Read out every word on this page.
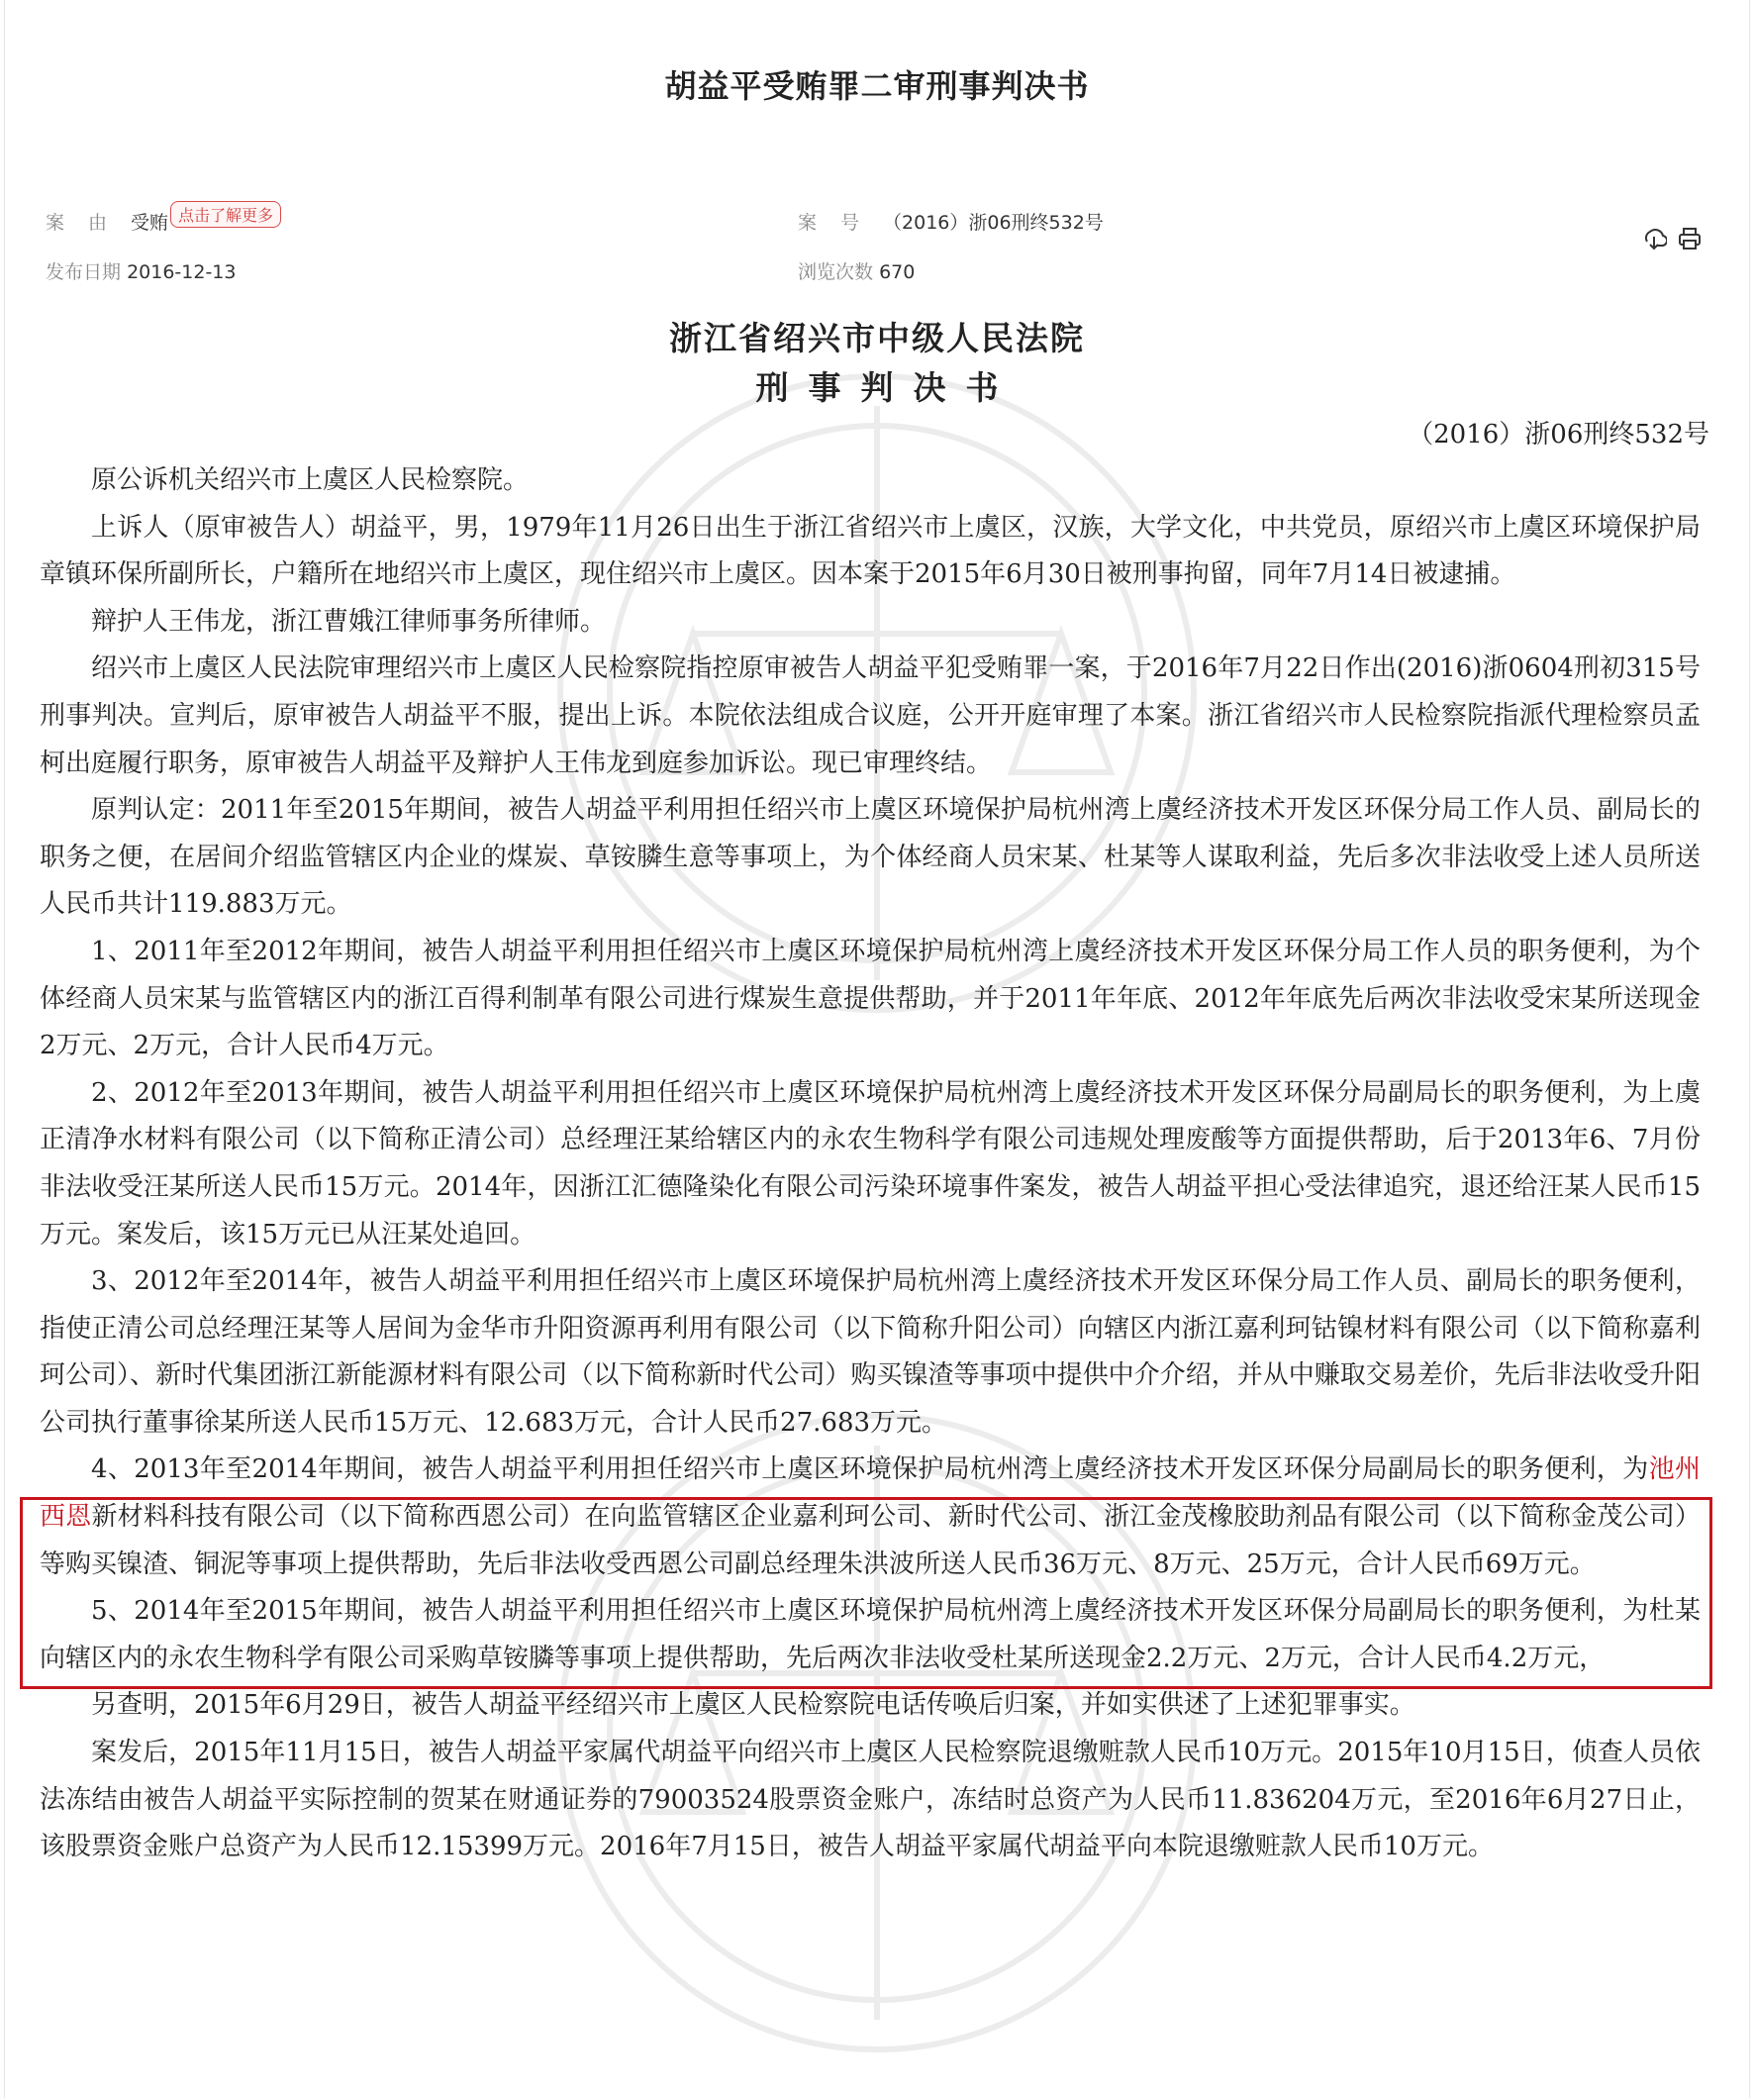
胡益平受贿罪二审刑事判决书
案由受贿 点击了解更多	案号（2016）浙06刑终532号
发布日期 2016-12-13	浏览次数 670
浙江省绍兴市中级人民法院
刑事判决书
（2016）浙06刑终532号

原公诉机关绍兴市上虞区人民检察院。

上诉人（原审被告人）胡益平，男，1979年11月26日出生于浙江省绍兴市上虞区，汉族，大学文化，中共党员，原绍兴市上虞区环境保护局章镇环保所副所长，户籍所在地绍兴市上虞区，现住绍兴市上虞区。因本案于2015年6月30日被刑事拘留，同年7月14日被逮捕。

辩护人王伟龙，浙江曹娥江律师事务所律师。

绍兴市上虞区人民法院审理绍兴市上虞区人民检察院指控原审被告人胡益平犯受贿罪一案，于2016年7月22日作出(2016)浙0604刑初315号刑事判决。宣判后，原审被告人胡益平不服，提出上诉。本院依法组成合议庭，公开开庭审理了本案。浙江省绍兴市人民检察院指派代理检察员孟柯出庭履行职务，原审被告人胡益平及辩护人王伟龙到庭参加诉讼。现已审理终结。

原判认定：2011年至2015年期间，被告人胡益平利用担任绍兴市上虞区环境保护局杭州湾上虞经济技术开发区环保分局工作人员、副局长的职务之便，在居间介绍监管辖区内企业的煤炭、草铵膦生意等事项上，为个体经商人员宋某、杜某等人谋取利益，先后多次非法收受上述人员所送人民币共计119.883万元。

1、2011年至2012年期间，被告人胡益平利用担任绍兴市上虞区环境保护局杭州湾上虞经济技术开发区环保分局工作人员的职务便利，为个体经商人员宋某与监管辖区内的浙江百得利制革有限公司进行煤炭生意提供帮助，并于2011年年底、2012年年底先后两次非法收受宋某所送现金2万元、2万元，合计人民币4万元。

2、2012年至2013年期间，被告人胡益平利用担任绍兴市上虞区环境保护局杭州湾上虞经济技术开发区环保分局副局长的职务便利，为上虞正清净水材料有限公司（以下简称正清公司）总经理汪某给辖区内的永农生物科学有限公司违规处理废酸等方面提供帮助，后于2013年6、7月份非法收受汪某所送人民币15万元。2014年，因浙江汇德隆染化有限公司污染环境事件案发，被告人胡益平担心受法律追究，退还给汪某人民币15万元。案发后，该15万元已从汪某处追回。

3、2012年至2014年，被告人胡益平利用担任绍兴市上虞区环境保护局杭州湾上虞经济技术开发区环保分局工作人员、副局长的职务便利，指使正清公司总经理汪某等人居间为金华市升阳资源再利用有限公司（以下简称升阳公司）向辖区内浙江嘉利珂钴镍材料有限公司（以下简称嘉利珂公司）、新时代集团浙江新能源材料有限公司（以下简称新时代公司）购买镍渣等事项中提供中介介绍，并从中赚取交易差价，先后非法收受升阳公司执行董事徐某所送人民币15万元、12.683万元，合计人民币27.683万元。

4、2013年至2014年期间，被告人胡益平利用担任绍兴市上虞区环境保护局杭州湾上虞经济技术开发区环保分局副局长的职务便利，为池州西恩新材料科技有限公司（以下简称西恩公司）在向监管辖区企业嘉利珂公司、新时代公司、浙江金茂橡胶助剂品有限公司（以下简称金茂公司）等购买镍渣、铜泥等事项上提供帮助，先后非法收受西恩公司副总经理朱洪波所送人民币36万元、8万元、25万元，合计人民币69万元。

5、2014年至2015年期间，被告人胡益平利用担任绍兴市上虞区环境保护局杭州湾上虞经济技术开发区环保分局副局长的职务便利，为杜某向辖区内的永农生物科学有限公司采购草铵膦等事项上提供帮助，先后两次非法收受杜某所送现金2.2万元、2万元，合计人民币4.2万元，

另查明，2015年6月29日，被告人胡益平经绍兴市上虞区人民检察院电话传唤后归案，并如实供述了上述犯罪事实。

案发后，2015年11月15日，被告人胡益平家属代胡益平向绍兴市上虞区人民检察院退缴赃款人民币10万元。2015年10月15日，侦查人员依法冻结由被告人胡益平实际控制的贺某在财通证券的79003524股票资金账户，冻结时总资产为人民币11.836204万元，至2016年6月27日止，该股票资金账户总资产为人民币12.15399万元。2016年7月15日，被告人胡益平家属代胡益平向本院退缴赃款人民币10万元。
